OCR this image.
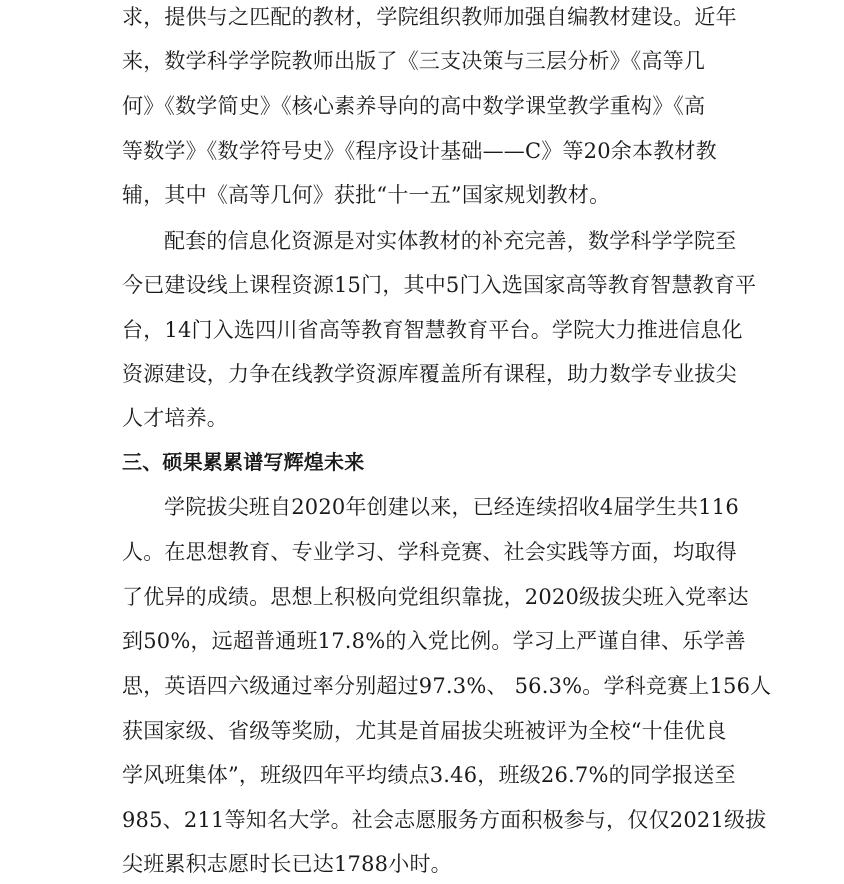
求，提供与之匹配的教材，学院组织教师加强自编教材建设。近年
来，数学科学学院教师出版了《三支决策与三层分析》《高等几
何》《数学简史》《核心素养导向的高中数学课堂教学重构》《高
等数学》《数学符号史》《程序设计基础——C》等20余本教材教
辅，其中《高等几何》获批“十一五”国家规划教材。
配套的信息化资源是对实体教材的补充完善，数学科学学院至
今已建设线上课程资源15门，其中5门入选国家高等教育智慧教育平
台，14门入选四川省高等教育智慧教育平台。学院大力推进信息化
资源建设，力争在线教学资源库覆盖所有课程，助力数学专业拔尖
人才培养。
三、硕果累累谱写辉煌未来
学院拔尖班自2020年创建以来，已经连续招收4届学生共116
人。在思想教育、专业学习、学科竞赛、社会实践等方面，均取得
了优异的成绩。思想上积极向党组织靠拢，2020级拔尖班入党率达
到50%，远超普通班17.8%的入党比例。学习上严谨自律、乐学善
思，英语四六级通过率分别超过97.3%、 56.3%。学科竞赛上156人
获国家级、省级等奖励，尤其是首届拔尖班被评为全校“十佳优良
学风班集体”，班级四年平均绩点3.46，班级26.7%的同学报送至
985、211等知名大学。社会志愿服务方面积极参与，仅仅2021级拔
尖班累积志愿时长已达1788小时。
